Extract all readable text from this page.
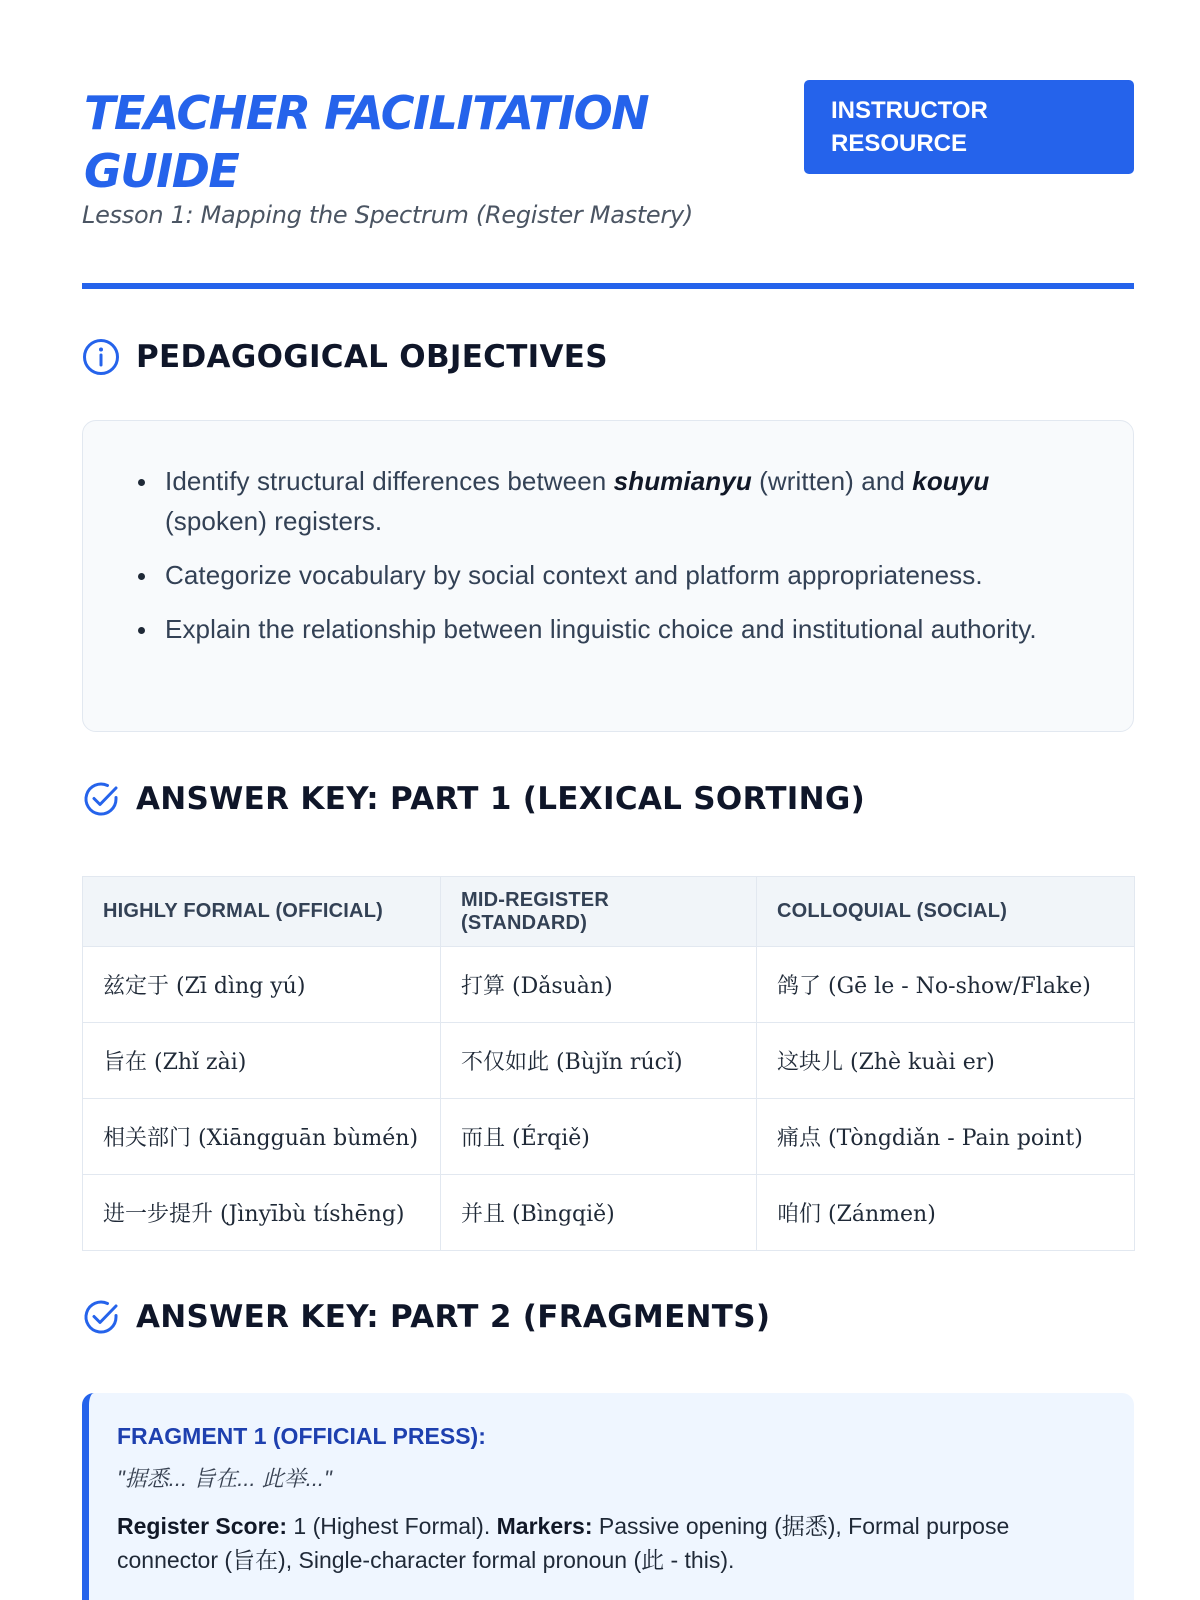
TEACHER FACILITATION GUIDE
Lesson 1: Mapping the Spectrum (Register Mastery)
INSTRUCTOR RESOURCE
PEDAGOGICAL OBJECTIVES
Identify structural differences between shumianyu (written) and kouyu (spoken) registers.
Categorize vocabulary by social context and platform appropriateness.
Explain the relationship between linguistic choice and institutional authority.
ANSWER KEY: PART 1 (LEXICAL SORTING)
HIGHLY FORMAL (OFFICIAL)	MID-REGISTER (STANDARD)	COLLOQUIAL (SOCIAL)
兹定于 (Zī dìng yú)	打算 (Dǎsuàn)	鸽了 (Gē le - No-show/Flake)
旨在 (Zhǐ zài)	不仅如此 (Bùjǐn rúcǐ)	这块儿 (Zhè kuài er)
相关部门 (Xiāngguān bùmén)	而且 (Érqiě)	痛点 (Tòngdiǎn - Pain point)
进一步提升 (Jìnyībù tíshēng)	并且 (Bìngqiě)	咱们 (Zánmen)
ANSWER KEY: PART 2 (FRAGMENTS)
FRAGMENT 1 (OFFICIAL PRESS):
"据悉... 旨在... 此举..."
Register Score: 1 (Highest Formal). Markers: Passive opening (据悉), Formal purpose connector (旨在), Single-character formal pronoun (此 - this).
